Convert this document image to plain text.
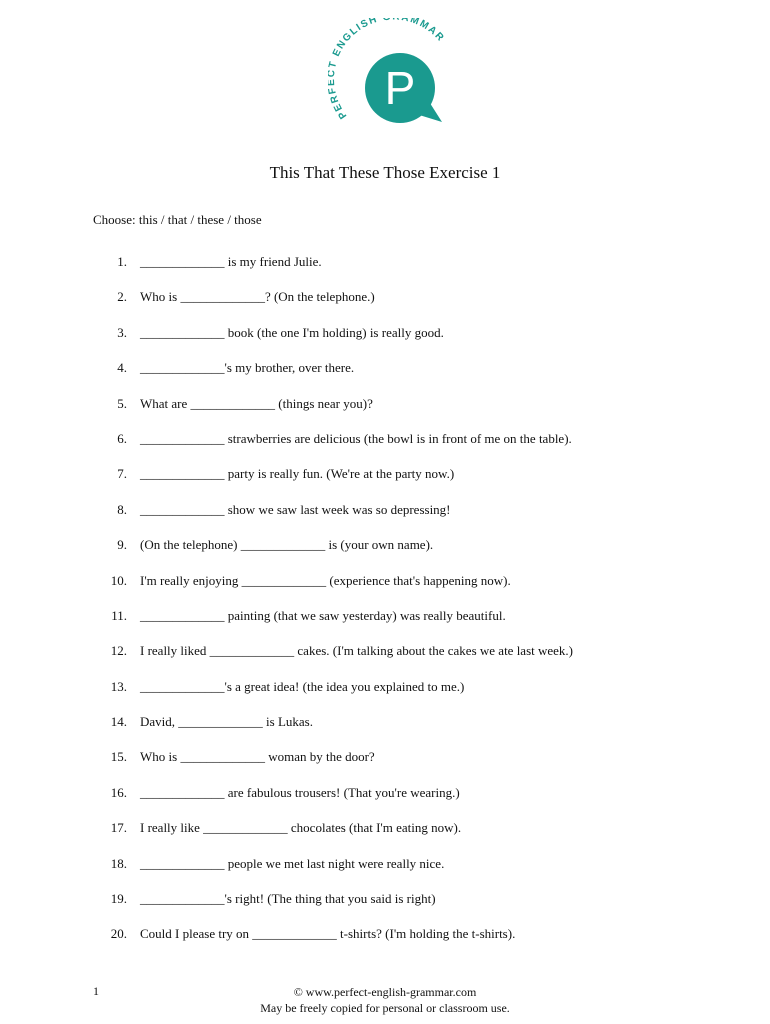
PER T ENGLISH AMMAR
P
This That These Those Exercise 1
Choose: this / that / these / those
1. _____________ is my friend Julie.
2. Who is _____________? (On the telephone.)
3. _____________ book (the one I'm holding) is really good.
4. _____________'s my brother, over there.
5. What are _____________ (things near you)?
6. _____________ strawberries are delicious (the bowl is in front of me on the table).
7. _____________ party is really fun. (We're at the party now.)
8. _____________ show we saw last week was so depressing!
9. (On the telephone) _____________ is (your own name).
10. I'm really enjoying _____________ (experience that's happening now).
11. _____________ painting (that we saw yesterday) was really beautiful.
12. I really liked _____________ cakes. (I'm talking about the cakes we ate last week.)
13. _____________'s a great idea! (the idea you explained to me.)
14. David, _____________ is Lukas.
15. Who is _____________ woman by the door?
16. _____________ are fabulous trousers! (That you're wearing.)
17. I really like _____________ chocolates (that I'm eating now).
18. _____________ people we met last night were really nice.
19. _____________'s right! (The thing that you said is right)
20. Could I please try on _____________ t-shirts? (I'm holding the t-shirts).
1	© www.perfect-english-grammar.com
May be freely copied for personal or classroom use.
